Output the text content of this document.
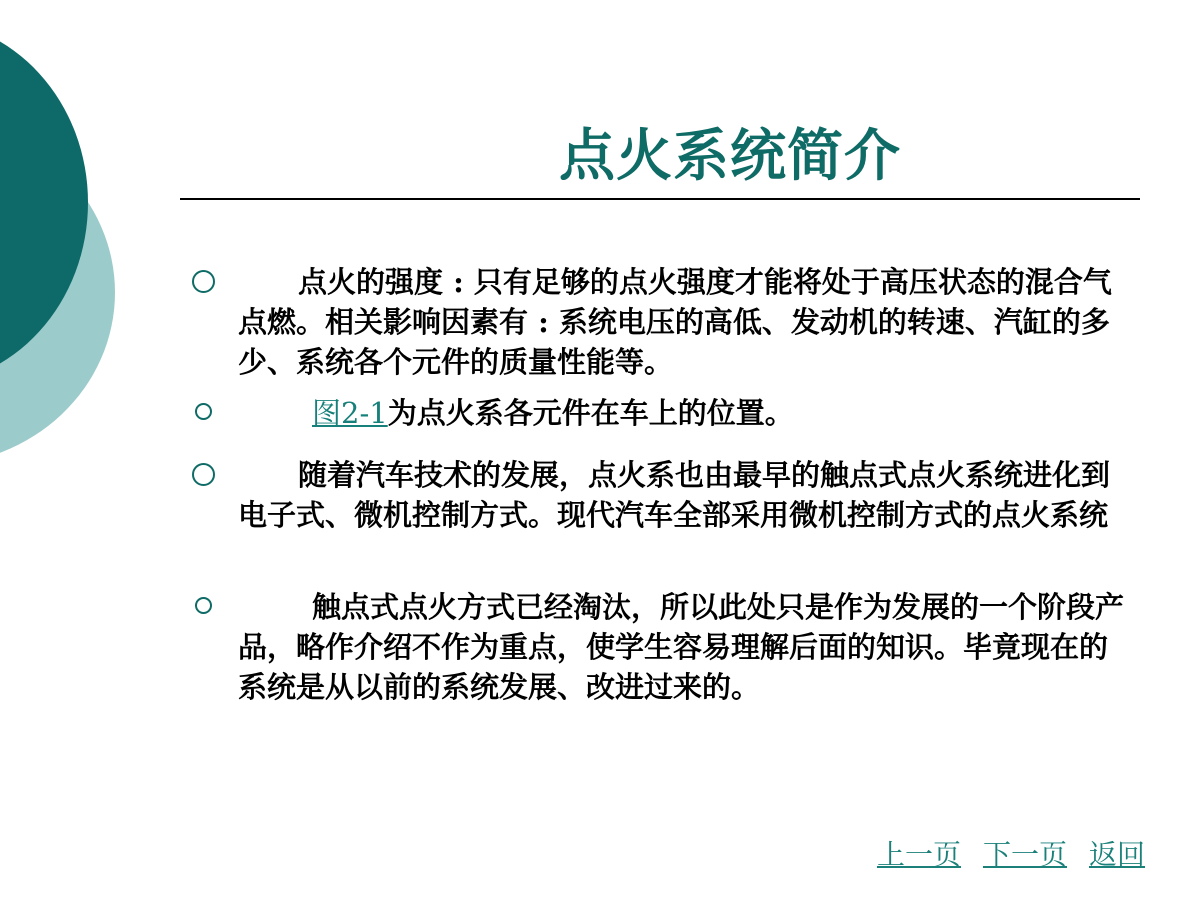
点火系统简介
点火的强度 : 只有足够的点火强度才能将处于高压状态的混合气点燃。相关影响因素有 : 系统电压的高低、发动机的转速、汽缸的多少、系统各个元件的质量性能等。
图2-1为点火系各元件在车上的位置。
随着汽车技术的发展，点火系也由最早的触点式点火系统进化到电子式、微机控制方式。现代汽车全部采用微机控制方式的点火系统
触点式点火方式已经淘汰，所以此处只是作为发展的一个阶段产品，略作介绍不作为重点，使学生容易理解后面的知识。毕竟现在的系统是从以前的系统发展、改进过来的。
上一页 下一页 返回
